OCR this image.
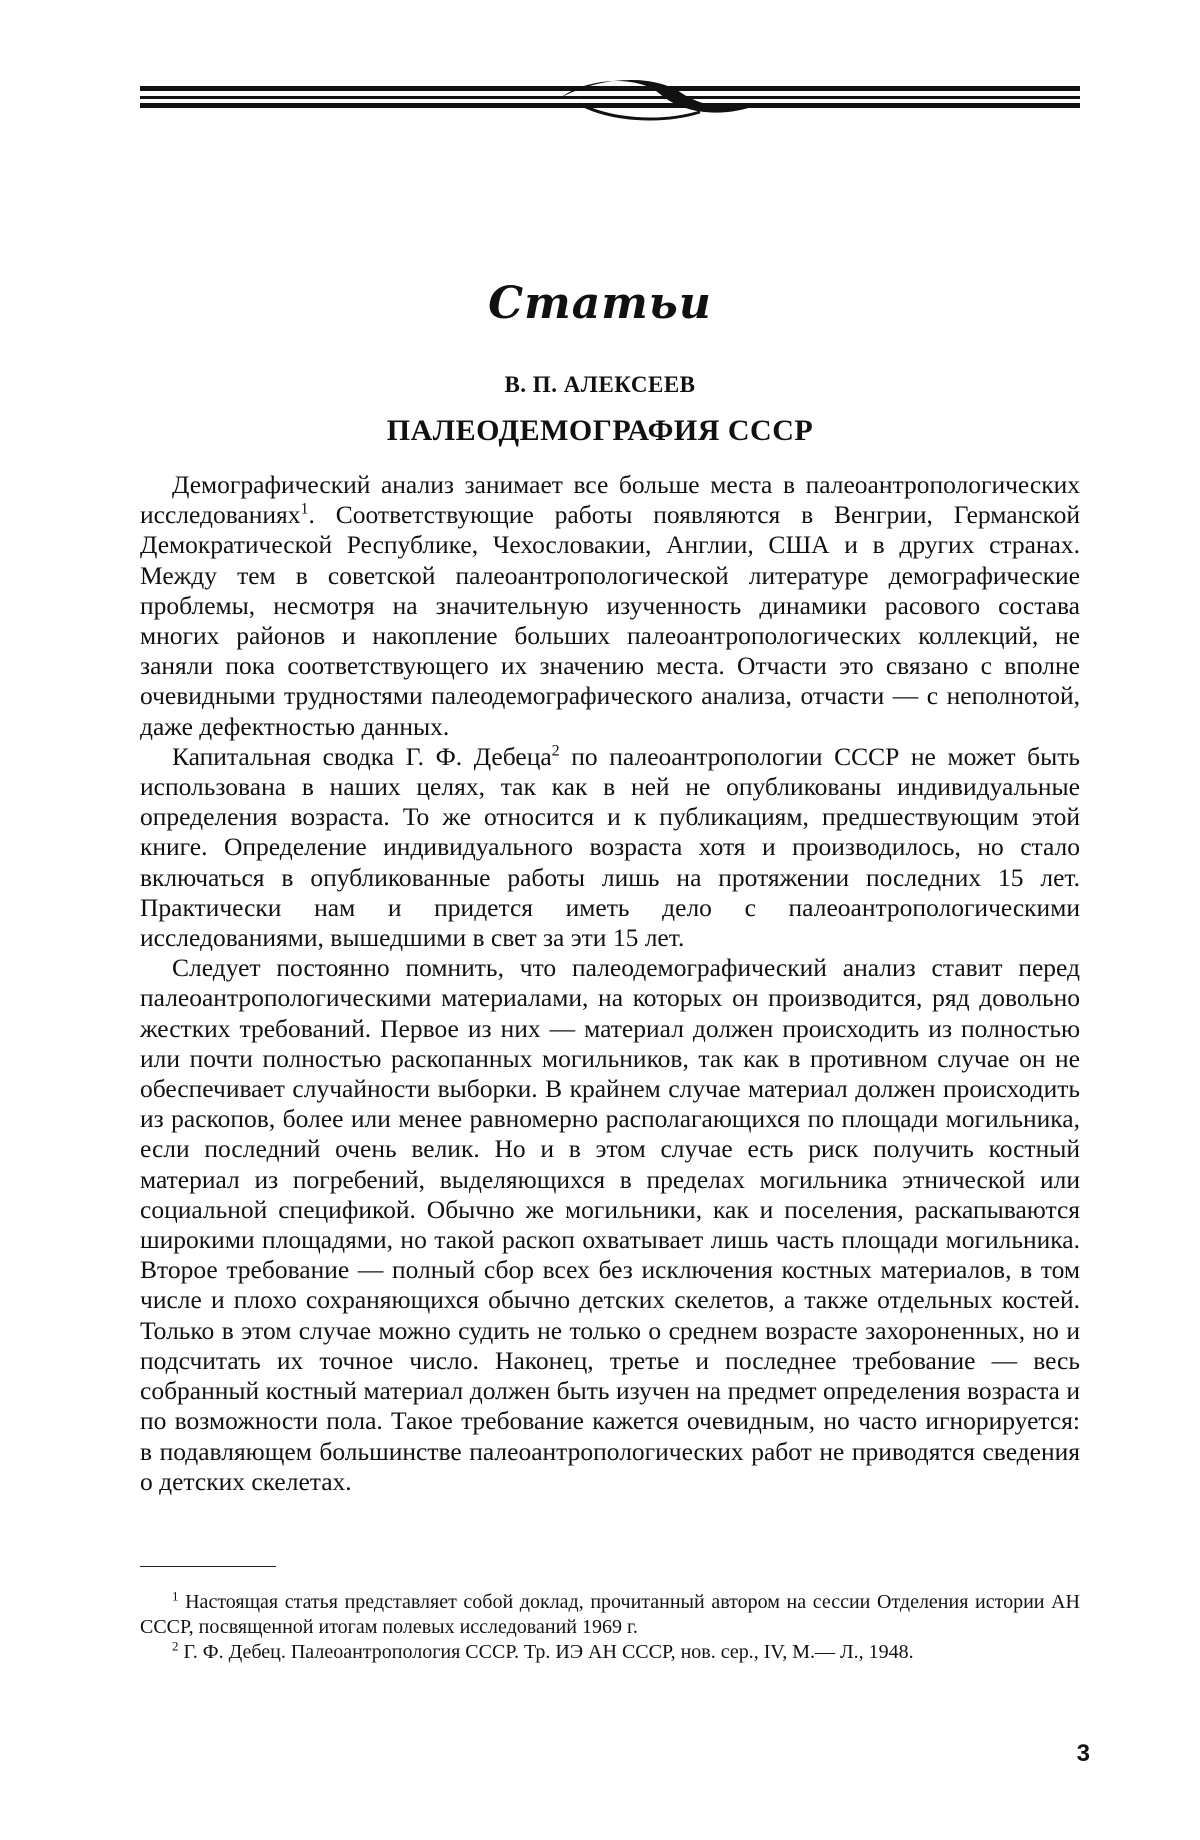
Статьи
В. П. АЛЕКСЕЕВ
ПАЛЕОДЕМОГРАФИЯ СССР

Демографический анализ занимает все больше места в палеоантропологических исследованиях$^1$. Соответствующие работы появляются в Венгрии, Германской Демократической Республике, Чехословакии, Англии, США и в других странах. Между тем в советской палеоантропологической литературе демографические проблемы, несмотря на значительную изученность динамики расового состава многих районов и накопление больших палеоантропологических коллекций, не заняли пока соответствующего их значению места. Отчасти это связано с вполне очевидными трудностями палеодемографического анализа, отчасти — с неполнотой, даже дефектностью данных.

Капитальная сводка Г. Ф. Дебеца$^2$ по палеоантропологии СССР не может быть использована в наших целях, так как в ней не опубликованы индивидуальные определения возраста. То же относится и к публикациям, предшествующим этой книге. Определение индивидуального возраста хотя и производилось, но стало включаться в опубликованные работы лишь на протяжении последних 15 лет. Практически нам и придется иметь дело с палеоантропологическими исследованиями, вышедшими в свет за эти 15 лет.

Следует постоянно помнить, что палеодемографический анализ ставит перед палеоантропологическими материалами, на которых он производится, ряд довольно жестких требований. Первое из них — материал должен происходить из полностью или почти полностью раскопанных могильников, так как в противном случае он не обеспечивает случайности выборки. В крайнем случае материал должен происходить из раскопов, более или менее равномерно располагающихся по площади могильника, если последний очень велик. Но и в этом случае есть риск получить костный материал из погребений, выделяющихся в пределах могильника этнической или социальной спецификой. Обычно же могильники, как и поселения, раскапываются широкими площадями, но такой раскоп охватывает лишь часть площади могильника. Второе требование — полный сбор всех без исключения костных материалов, в том числе и плохо сохраняющихся обычно детских скелетов, а также отдельных костей. Только в этом случае можно судить не только о среднем возрасте захороненных, но и подсчитать их точное число. Наконец, третье и последнее требование — весь собранный костный материал должен быть изучен на предмет определения возраста и по возможности пола. Такое требование кажется очевидным, но часто игнорируется: в подавляющем большинстве палеоантропологических работ не приводятся сведения о детских скелетах.

$^1$ Настоящая статья представляет собой доклад, прочитанный автором на сессии Отделения истории АН СССР, посвященной итогам полевых исследований 1969 г.

$^2$ Г. Ф. Дебец. Палеоантропология СССР. Тр. ИЭ АН СССР, нов. сер., IV, М.— Л., 1948.

3
